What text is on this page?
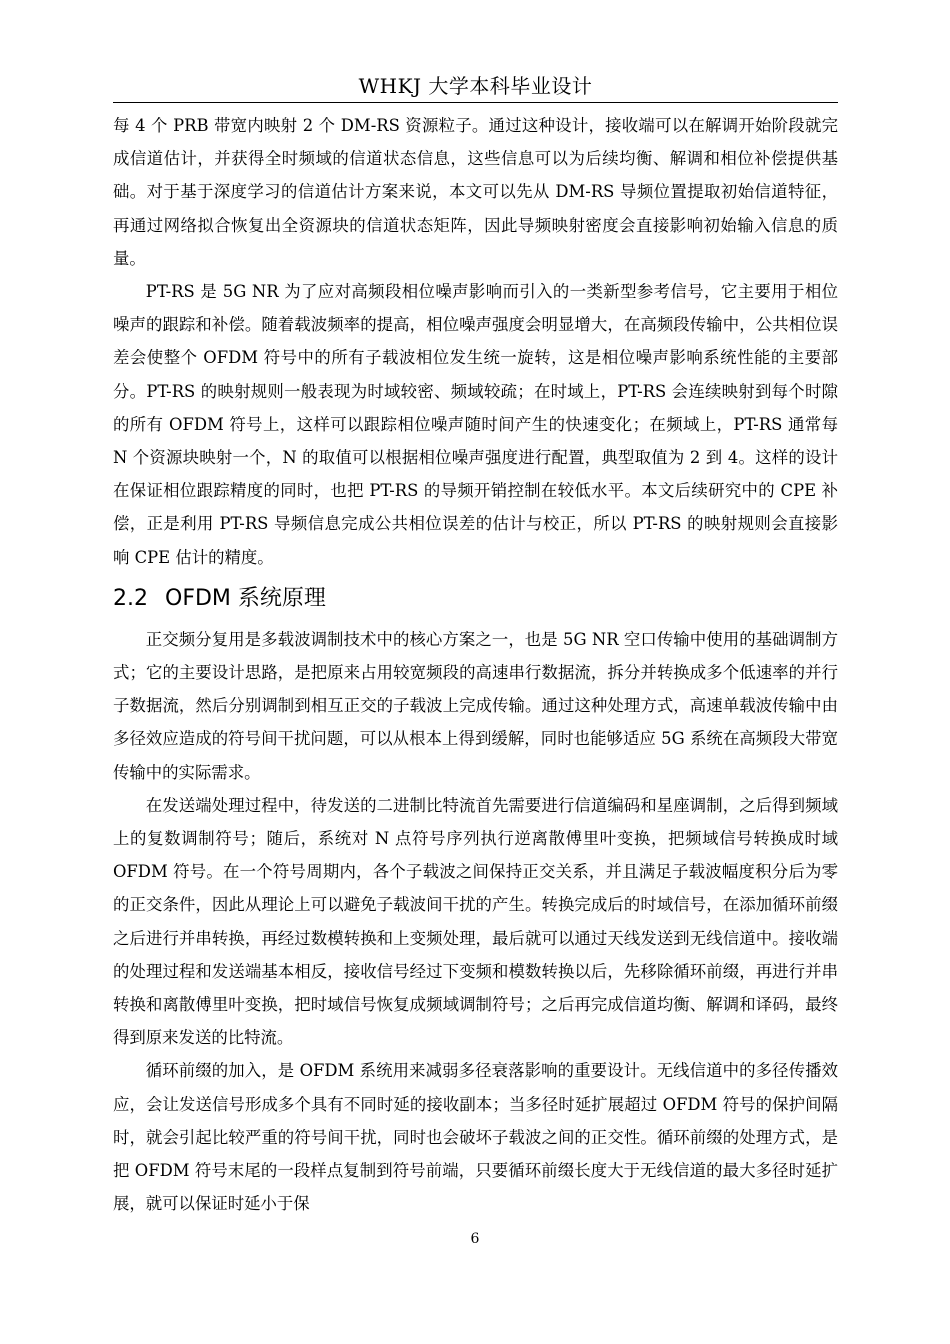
WHKJ 大学本科毕业设计

每 4 个 PRB 带宽内映射 2 个 DM-RS 资源粒子。通过这种设计，接收端可以在解调开始阶段就完成信道估计，并获得全时频域的信道状态信息，这些信息可以为后续均衡、解调和相位补偿提供基础。对于基于深度学习的信道估计方案来说，本文可以先从 DM-RS 导频位置提取初始信道特征，再通过网络拟合恢复出全资源块的信道状态矩阵，因此导频映射密度会直接影响初始输入信息的质量。

PT-RS 是 5G NR 为了应对高频段相位噪声影响而引入的一类新型参考信号，它主要用于相位噪声的跟踪和补偿。随着载波频率的提高，相位噪声强度会明显增大，在高频段传输中，公共相位误差会使整个 OFDM 符号中的所有子载波相位发生统一旋转，这是相位噪声影响系统性能的主要部分。PT-RS 的映射规则一般表现为时域较密、频域较疏；在时域上，PT-RS 会连续映射到每个时隙的所有 OFDM 符号上，这样可以跟踪相位噪声随时间产生的快速变化；在频域上，PT-RS 通常每 N 个资源块映射一个，N 的取值可以根据相位噪声强度进行配置，典型取值为 2 到 4。这样的设计在保证相位跟踪精度的同时，也把 PT-RS 的导频开销控制在较低水平。本文后续研究中的 CPE 补偿，正是利用 PT-RS 导频信息完成公共相位误差的估计与校正，所以 PT-RS 的映射规则会直接影响 CPE 估计的精度。

2.2 OFDM 系统原理

正交频分复用是多载波调制技术中的核心方案之一，也是 5G NR 空口传输中使用的基础调制方式；它的主要设计思路，是把原来占用较宽频段的高速串行数据流，拆分并转换成多个低速率的并行子数据流，然后分别调制到相互正交的子载波上完成传输。通过这种处理方式，高速单载波传输中由多径效应造成的符号间干扰问题，可以从根本上得到缓解，同时也能够适应 5G 系统在高频段大带宽传输中的实际需求。

在发送端处理过程中，待发送的二进制比特流首先需要进行信道编码和星座调制，之后得到频域上的复数调制符号；随后，系统对 N 点符号序列执行逆离散傅里叶变换，把频域信号转换成时域 OFDM 符号。在一个符号周期内，各个子载波之间保持正交关系，并且满足子载波幅度积分后为零的正交条件，因此从理论上可以避免子载波间干扰的产生。转换完成后的时域信号，在添加循环前缀之后进行并串转换，再经过数模转换和上变频处理，最后就可以通过天线发送到无线信道中。接收端的处理过程和发送端基本相反，接收信号经过下变频和模数转换以后，先移除循环前缀，再进行并串转换和离散傅里叶变换，把时域信号恢复成频域调制符号；之后再完成信道均衡、解调和译码，最终得到原来发送的比特流。

循环前缀的加入，是 OFDM 系统用来减弱多径衰落影响的重要设计。无线信道中的多径传播效应，会让发送信号形成多个具有不同时延的接收副本；当多径时延扩展超过 OFDM 符号的保护间隔时，就会引起比较严重的符号间干扰，同时也会破坏子载波之间的正交性。循环前缀的处理方式，是把 OFDM 符号末尾的一段样点复制到符号前端，只要循环前缀长度大于无线信道的最大多径时延扩展，就可以保证时延小于保

6
